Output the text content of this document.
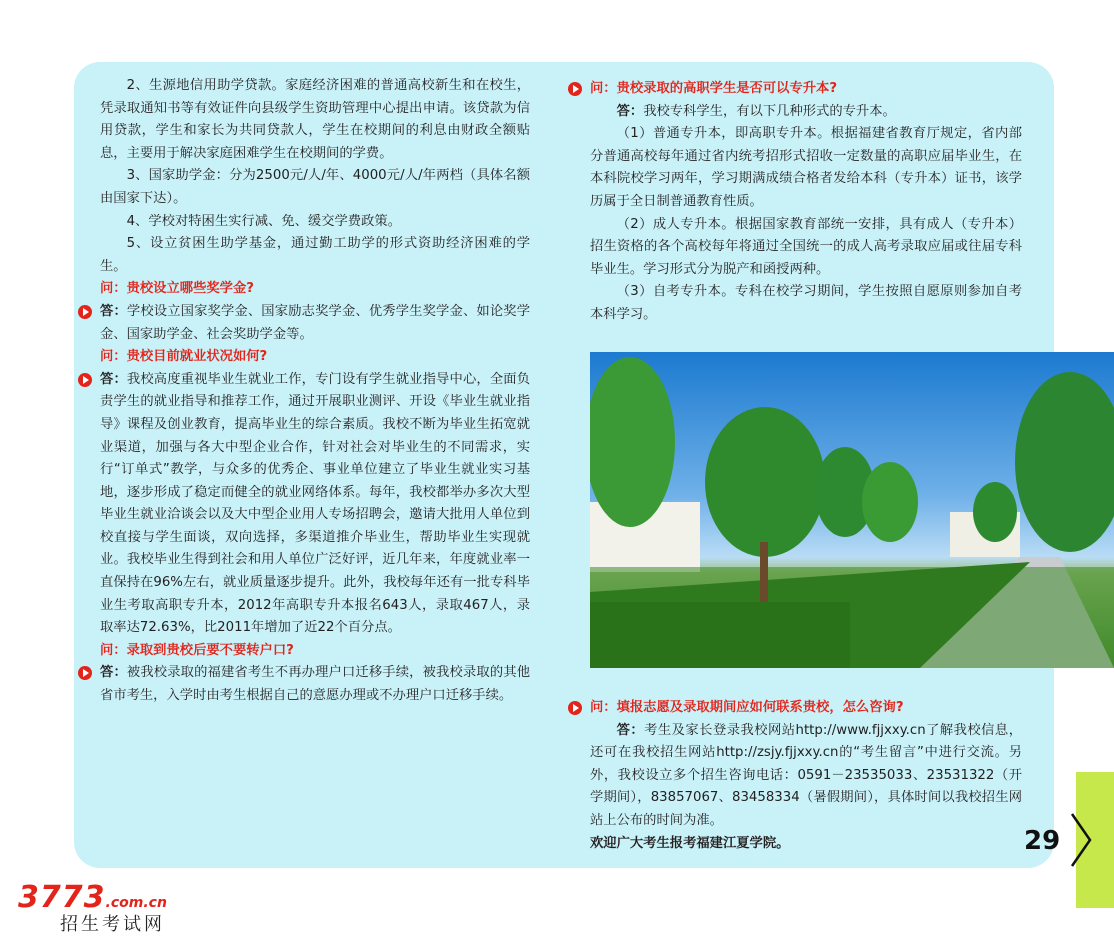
2、生源地信用助学贷款。家庭经济困难的普通高校新生和在校生，凭录取通知书等有效证件向县级学生资助管理中心提出申请。该贷款为信用贷款，学生和家长为共同贷款人，学生在校期间的利息由财政全额贴息，主要用于解决家庭困难学生在校期间的学费。

3、国家助学金：分为2500元/人/年、4000元/人/年两档（具体名额由国家下达）。

4、学校对特困生实行减、免、缓交学费政策。

5、设立贫困生助学基金，通过勤工助学的形式资助经济困难的学生。

问：贵校设立哪些奖学金?

答：学校设立国家奖学金、国家励志奖学金、优秀学生奖学金、如论奖学金、国家助学金、社会奖助学金等。

问：贵校目前就业状况如何?

答：我校高度重视毕业生就业工作，专门设有学生就业指导中心，全面负责学生的就业指导和推荐工作，通过开展职业测评、开设《毕业生就业指导》课程及创业教育，提高毕业生的综合素质。我校不断为毕业生拓宽就业渠道，加强与各大中型企业合作，针对社会对毕业生的不同需求，实行“订单式”教学，与众多的优秀企、事业单位建立了毕业生就业实习基地，逐步形成了稳定而健全的就业网络体系。每年，我校都举办多次大型毕业生就业洽谈会以及大中型企业用人专场招聘会，邀请大批用人单位到校直接与学生面谈，双向选择，多渠道推介毕业生，帮助毕业生实现就业。我校毕业生得到社会和用人单位广泛好评，近几年来，年度就业率一直保持在96%左右，就业质量逐步提升。此外，我校每年还有一批专科毕业生考取高职专升本，2012年高职专升本报名643人，录取467人，录取率达72.63%，比2011年增加了近22个百分点。

问：录取到贵校后要不要转户口?

答：被我校录取的福建省考生不再办理户口迁移手续，被我校录取的其他省市考生，入学时由考生根据自己的意愿办理或不办理户口迁移手续。

问：贵校录取的高职学生是否可以专升本?

答：我校专科学生，有以下几种形式的专升本。

（1）普通专升本，即高职专升本。根据福建省教育厅规定，省内部分普通高校每年通过省内统考招形式招收一定数量的高职应届毕业生，在本科院校学习两年，学习期满成绩合格者发给本科（专升本）证书，该学历属于全日制普通教育性质。

（2）成人专升本。根据国家教育部统一安排，具有成人（专升本）招生资格的各个高校每年将通过全国统一的成人高考录取应届或往届专科毕业生。学习形式分为脱产和函授两种。

（3）自考专升本。专科在校学习期间，学生按照自愿原则参加自考本科学习。

问：填报志愿及录取期间应如何联系贵校，怎么咨询?

答：考生及家长登录我校网站http://www.fjjxxy.cn了解我校信息，还可在我校招生网站http://zsjy.fjjxxy.cn的“考生留言”中进行交流。另外，我校设立多个招生咨询电话：0591－23535033、23531322（开学期间），83857067、83458334（暑假期间），具体时间以我校招生网站上公布的时间为准。

欢迎广大考生报考福建江夏学院。	29
3773.com.cn
招生考试网
